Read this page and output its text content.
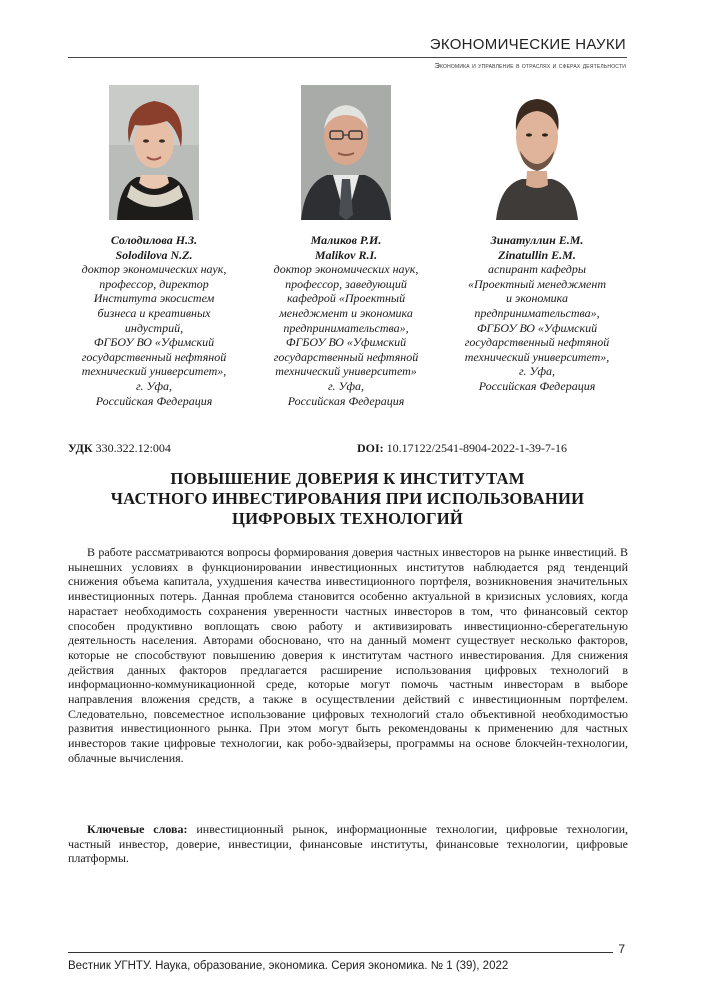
ЭКОНОМИЧЕСКИЕ НАУКИ
Экономика и управление в отраслях и сферах деятельности
Солодилова Н.З.
Solodilova N.Z.
доктор экономических наук,
профессор, директор
Института экосистем
бизнеса и креативных
индустрий,
ФГБОУ ВО «Уфимский
государственный нефтяной
технический университет»,
г. Уфа,
Российская Федерация
Маликов Р.И.
Malikov R.I.
доктор экономических наук,
профессор, заведующий
кафедрой «Проектный
менеджмент и экономика
предпринимательства»,
ФГБОУ ВО «Уфимский
государственный нефтяной
технический университет»
г. Уфа,
Российская Федерация
Зинатуллин Е.М.
Zinatullin E.M.
аспирант кафедры
«Проектный менеджмент
и экономика
предпринимательства»,
ФГБОУ ВО «Уфимский
государственный нефтяной
технический университет»,
г. Уфа,
Российская Федерация
УДК 330.322.12:004	DOI: 10.17122/2541-8904-2022-1-39-7-16
ПОВЫШЕНИЕ ДОВЕРИЯ К ИНСТИТУТАМ
ЧАСТНОГО ИНВЕСТИРОВАНИЯ ПРИ ИСПОЛЬЗОВАНИИ
ЦИФРОВЫХ ТЕХНОЛОГИЙ

В работе рассматриваются вопросы формирования доверия частных инвесторов на рынке инвестиций. В нынешних условиях в функционировании инвестиционных институтов наблюдается ряд тенденций снижения объема капитала, ухудшения качества инвестиционного портфеля, возникновения значительных инвестиционных потерь. Данная проблема становится особенно актуальной в кризисных условиях, когда нарастает необходимость сохранения уверенности частных инвесторов в том, что финансовый сектор способен продуктивно воплощать свою работу и активизировать инвестиционно-сберегательную деятельность населения. Авторами обосновано, что на данный момент существует несколько факторов, которые не способствуют повышению доверия к институтам частного инвестирования. Для снижения действия данных факторов предлагается расширение использования цифровых технологий в информационно-коммуникационной среде, которые могут помочь частным инвесторам в выборе направления вложения средств, а также в осуществлении действий с инвестиционным портфелем. Следовательно, повсеместное использование цифровых технологий стало объективной необходимостью развития инвестиционного рынка. При этом могут быть рекомендованы к применению для частных инвесторов такие цифровые технологии, как робо-эдвайзеры, программы на основе блокчейн-технологии, облачные вычисления.

Ключевые слова: инвестиционный рынок, информационные технологии, цифровые технологии, частный инвестор, доверие, инвестиции, финансовые институты, финансовые технологии, цифровые платформы.

7
Вестник УГНТУ. Наука, образование, экономика. Серия экономика. № 1 (39), 2022
